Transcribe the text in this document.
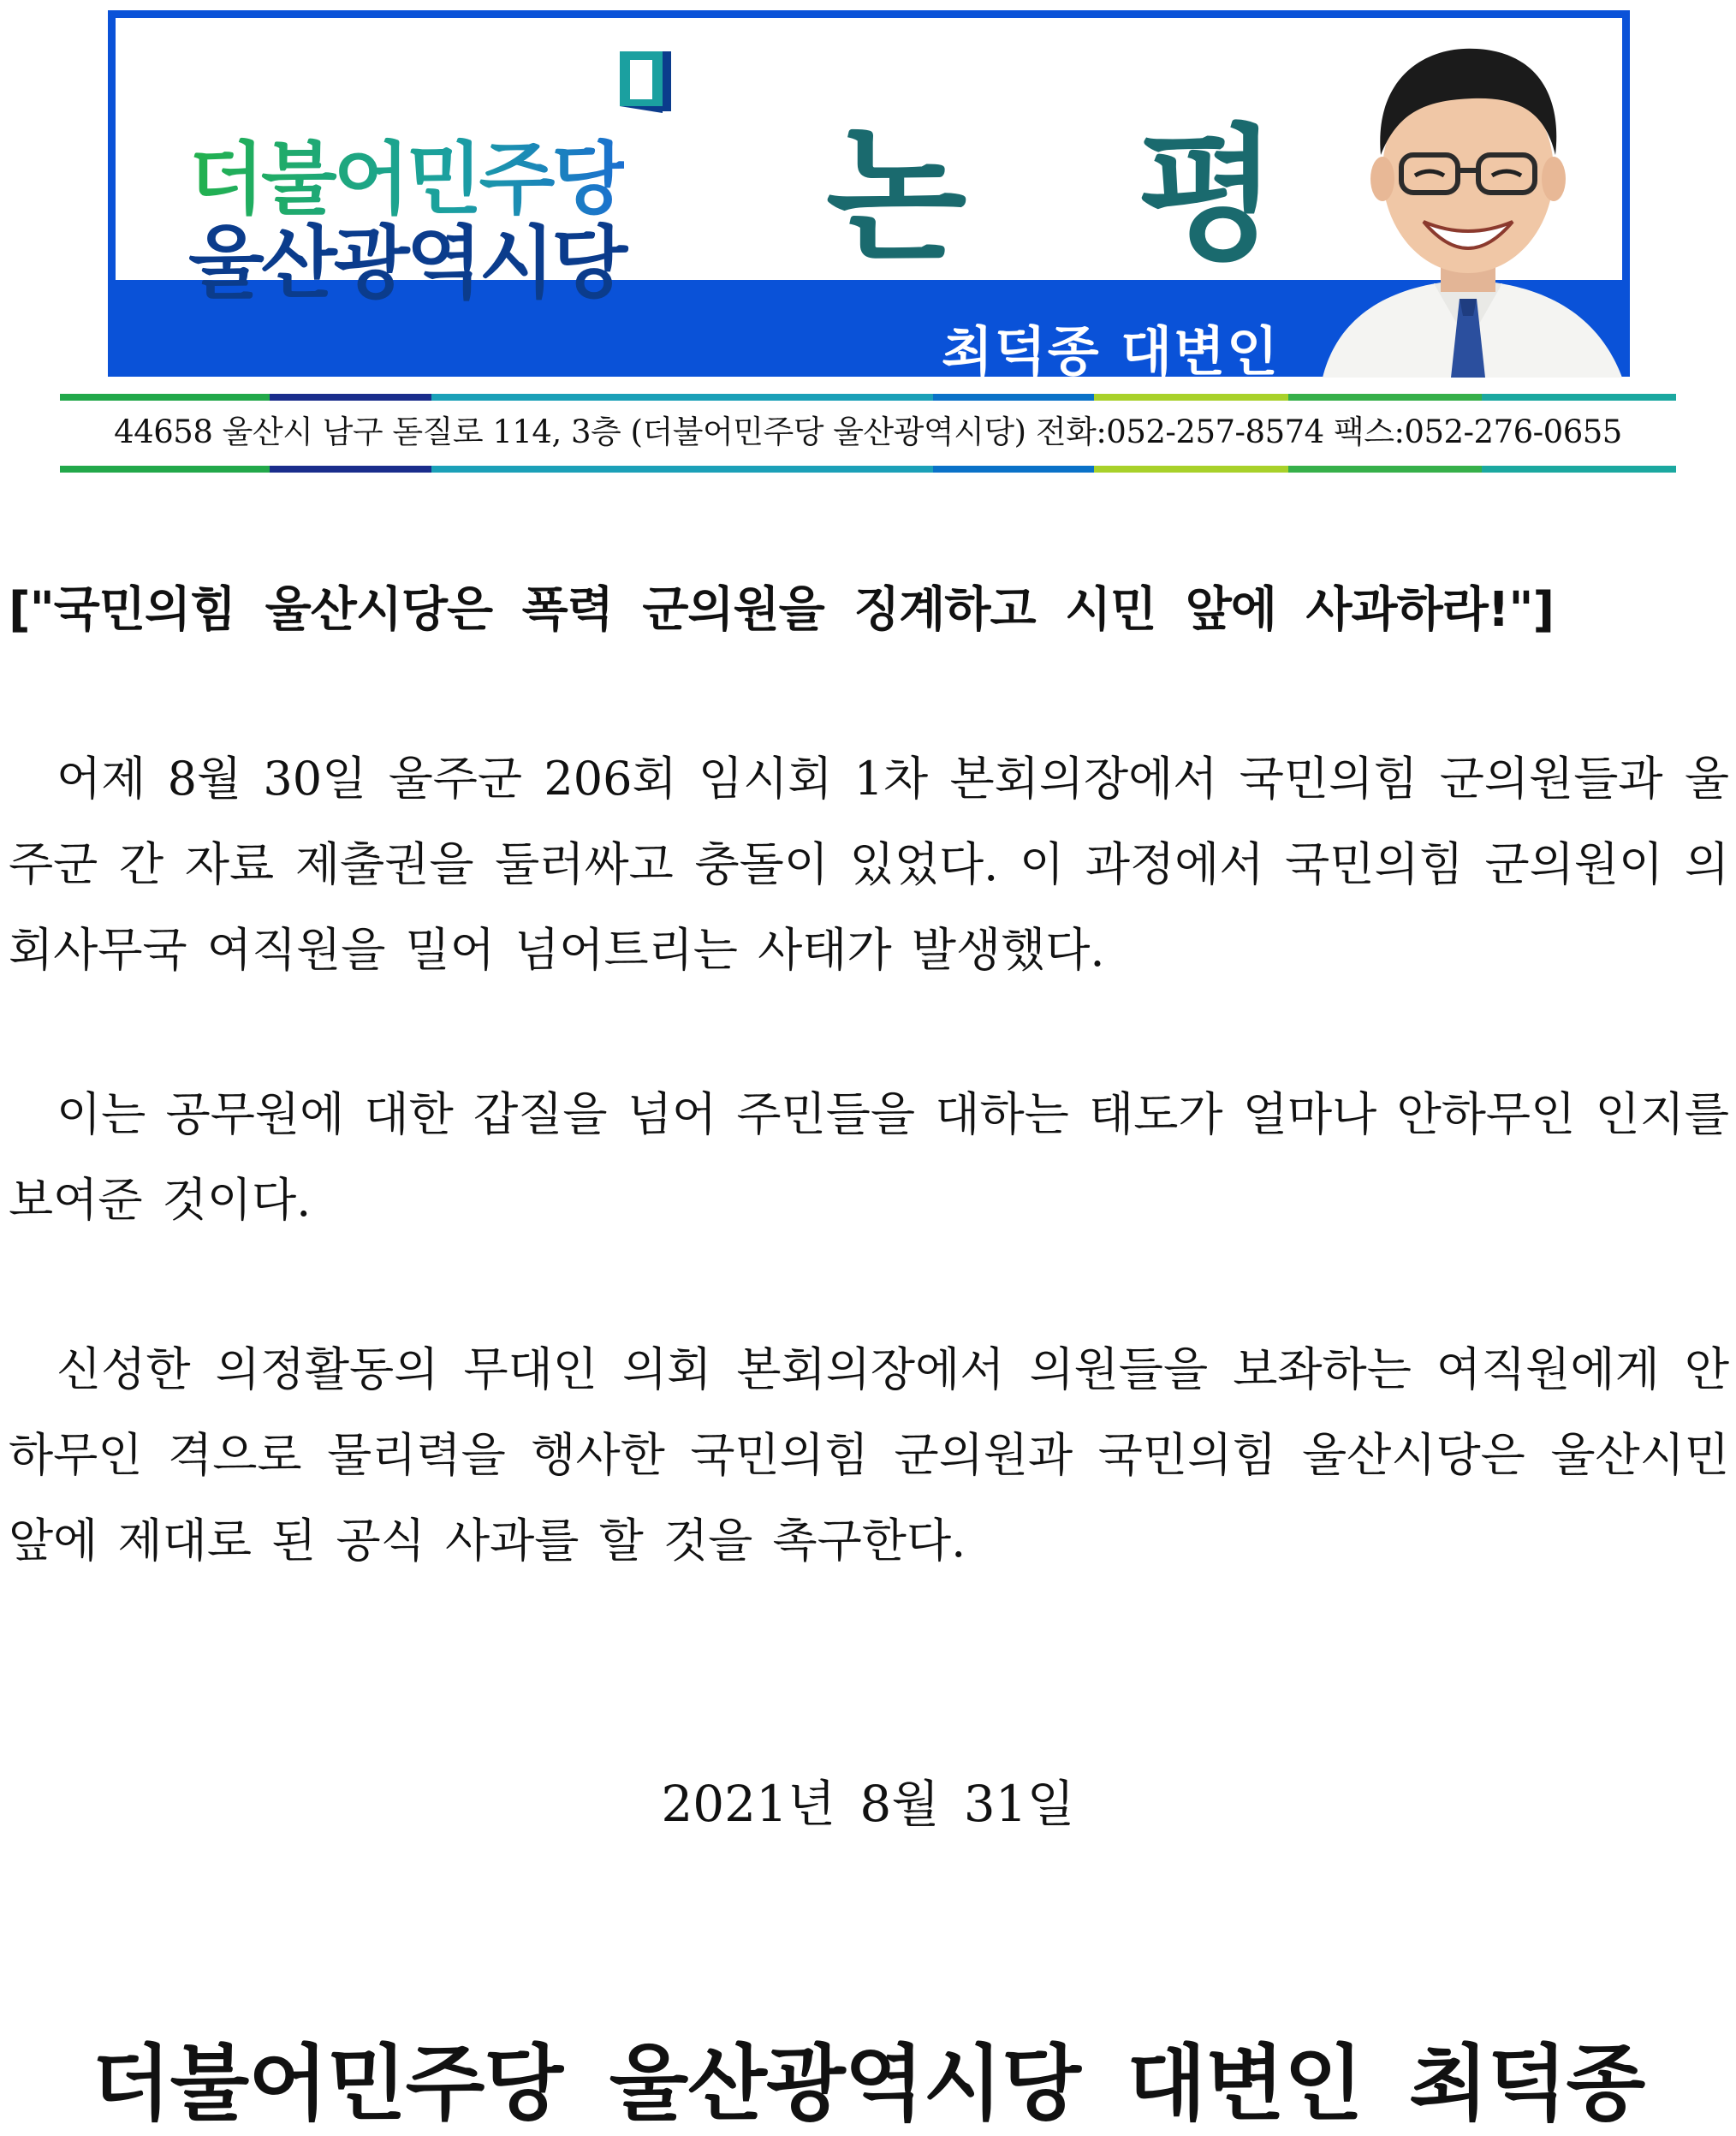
더불어민주당
울산광역시당 논 평
최덕종 대변인
44658 울산시 남구 돋질로 114, 3층 (더불어민주당 울산광역시당) 전화:052-257-8574 팩스:052-276-0655
["국민의힘 울산시당은 폭력 군의원을 징계하고 시민 앞에 사과하라!"]

어제 8월 30일 울주군 206회 임시회 1차 본회의장에서 국민의힘 군의원들과 울주군 간 자료 제출권을 둘러싸고 충돌이 있었다. 이 과정에서 국민의힘 군의원이 의회사무국 여직원을 밀어 넘어트리는 사태가 발생했다.

이는 공무원에 대한 갑질을 넘어 주민들을 대하는 태도가 얼마나 안하무인 인지를 보여준 것이다.

신성한 의정활동의 무대인 의회 본회의장에서 의원들을 보좌하는 여직원에게 안하무인 격으로 물리력을 행사한 국민의힘 군의원과 국민의힘 울산시당은 울산시민 앞에 제대로 된 공식 사과를 할 것을 촉구한다.

2021년 8월 31일
더불어민주당 울산광역시당 대변인 최덕종
